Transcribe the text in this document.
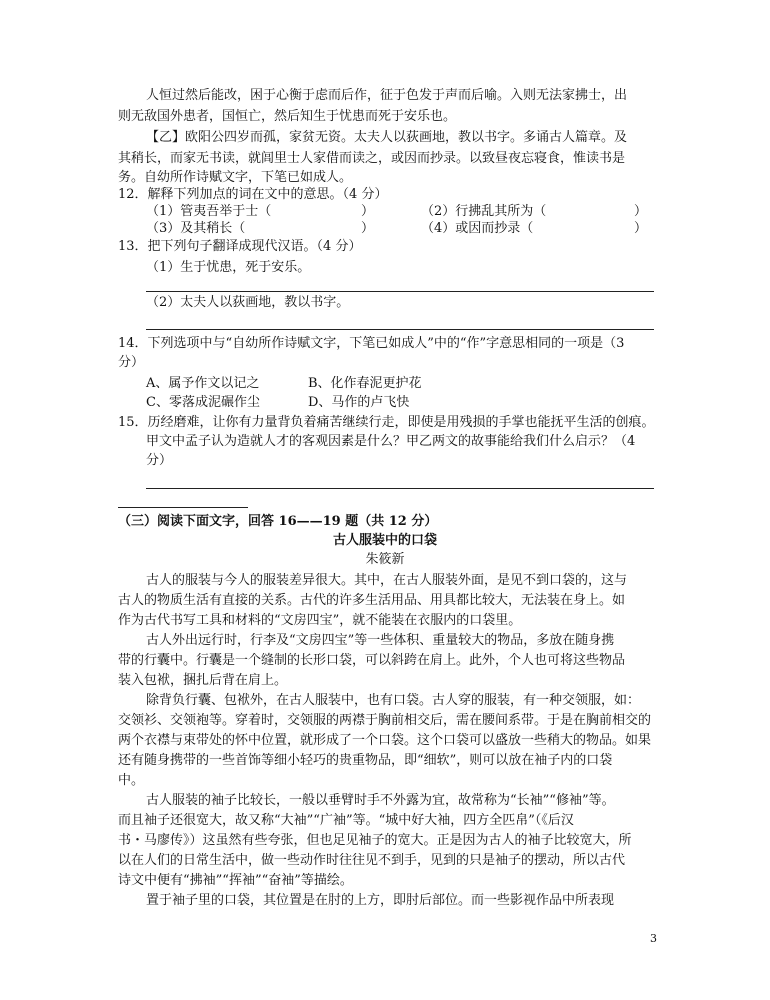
人恒过然后能改，困于心衡于虑而后作，征于色发于声而后喻。入则无法家拂士，出
则无敌国外患者，国恒亡，然后知生于忧患而死于安乐也。
【乙】欧阳公四岁而孤，家贫无资。太夫人以荻画地，教以书字。多诵古人篇章。及
其稍长，而家无书读，就闾里士人家借而读之，或因而抄录。以致昼夜忘寝食，惟读书是
务。自幼所作诗赋文字，下笔已如成人。
12．解释下列加点的词在文中的意思。（4 分）
（1）管夷吾举于士（	）	（2）行拂乱其所为（	）
（3）及其稍长（	）	（4）或因而抄录（	）
13．把下列句子翻译成现代汉语。（4 分）
（1）生于忧患，死于安乐。
（2）太夫人以荻画地，教以书字。
14．下列选项中与“自幼所作诗赋文字，下笔已如成人”中的“作”字意思相同的一项是（3
分）
A、属予作文以记之	B、化作春泥更护花
C、零落成泥碾作尘	D、马作的卢飞快
15．历经磨难，让你有力量背负着痛苦继续行走，即使是用残损的手掌也能抚平生活的创痕。
甲文中孟子认为造就人才的客观因素是什么？甲乙两文的故事能给我们什么启示？（4
分）
（三）阅读下面文字，回答 16——19 题（共 12 分）
古人服装中的口袋
朱筱新
古人的服装与今人的服装差异很大。其中，在古人服装外面，是见不到口袋的，这与
古人的物质生活有直接的关系。古代的许多生活用品、用具都比较大，无法装在身上。如
作为古代书写工具和材料的“文房四宝”，就不能装在衣服内的口袋里。
古人外出远行时，行李及“文房四宝”等一些体积、重量较大的物品，多放在随身携
带的行囊中。行囊是一个缝制的长形口袋，可以斜跨在肩上。此外，个人也可将这些物品
装入包袱，捆扎后背在肩上。
除背负行囊、包袱外，在古人服装中，也有口袋。古人穿的服装，有一种交领服，如：
交领衫、交领袍等。穿着时，交领服的两襟于胸前相交后，需在腰间系带。于是在胸前相交的
两个衣襟与束带处的怀中位置，就形成了一个口袋。这个口袋可以盛放一些稍大的物品。如果
还有随身携带的一些首饰等细小轻巧的贵重物品，即“细软”，则可以放在袖子内的口袋
中。
古人服装的袖子比较长，一般以垂臂时手不外露为宜，故常称为“长袖”“修袖”等。
而且袖子还很宽大，故又称“大袖”“广袖”等。“城中好大袖，四方全匹帛”（《后汉
书・马廖传》）这虽然有些夸张，但也足见袖子的宽大。正是因为古人的袖子比较宽大，所
以在人们的日常生活中，做一些动作时往往见不到手，见到的只是袖子的摆动，所以古代
诗文中便有“拂袖”“挥袖”“奋袖”等描绘。
置于袖子里的口袋，其位置是在肘的上方，即肘后部位。而一些影视作品中所表现
3
